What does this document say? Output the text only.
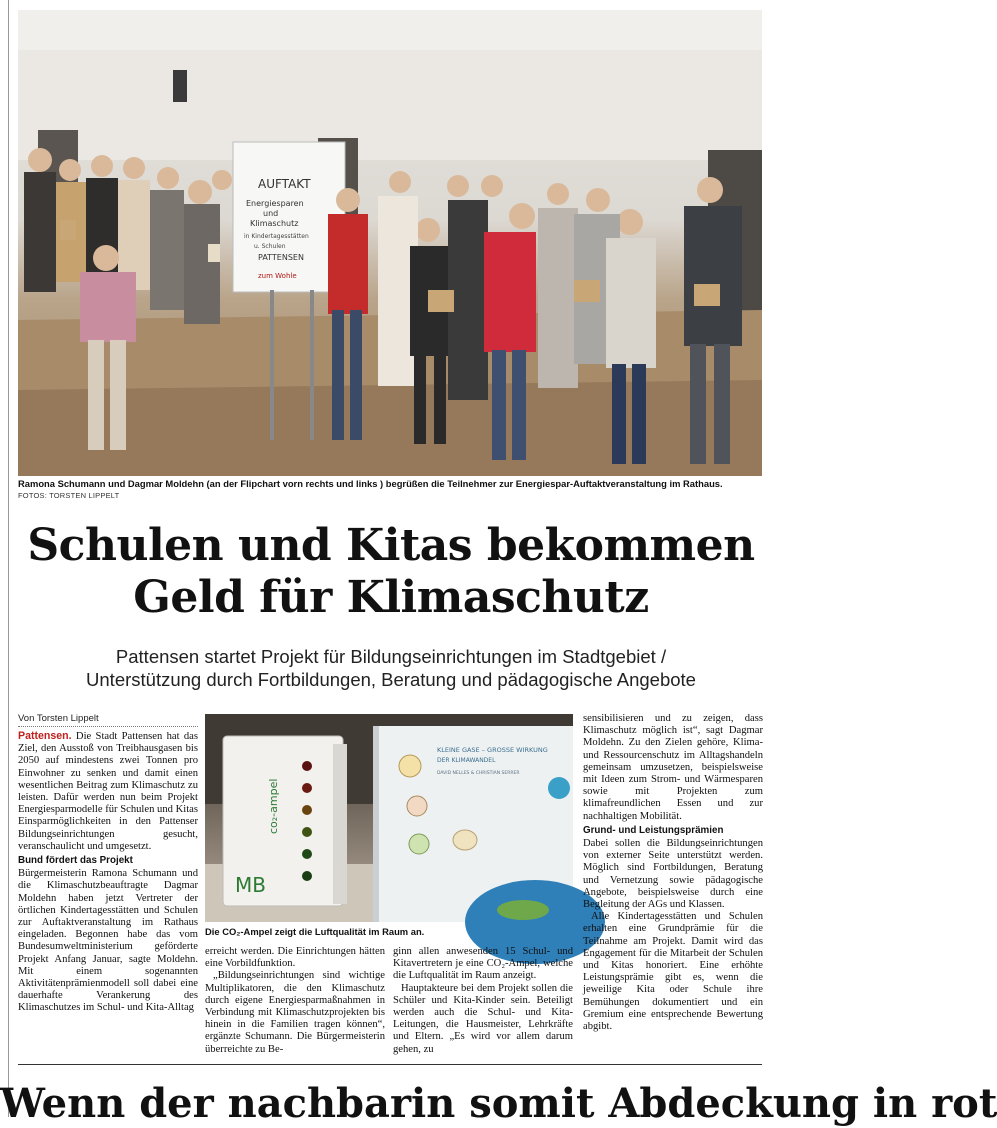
AUFTAKT
Energiesparen
und
Klimaschutz
in Kindertagesstätten
u. Schulen
PATTENSEN
zum Wohle
Ramona Schumann und Dagmar Moldehn (an der Flipchart vorn rechts und links ) begrüßen die Teilnehmer zur Energiespar-Auftaktveranstaltung im Rathaus.
FOTOS: TORSTEN LIPPELT
Schulen und Kitas bekommen
Geld für Klimaschutz
Pattensen startet Projekt für Bildungseinrichtungen im Stadtgebiet /
Unterstützung durch Fortbildungen, Beratung und pädagogische Angebote
Von Torsten Lippelt

Pattensen. Die Stadt Pattensen hat das Ziel, den Ausstoß von Treibhausgasen bis 2050 auf mindestens zwei Tonnen pro Einwohner zu senken und damit einen wesentlichen Beitrag zum Klimaschutz zu leisten. Dafür werden nun beim Projekt Energiesparmodelle für Schulen und Kitas Einsparmöglichkeiten in den Pattenser Bildungseinrichtungen gesucht, veranschaulicht und umgesetzt.

Bund fördert das Projekt

Bürgermeisterin Ramona Schumann und die Klimaschutzbeauftragte Dagmar Moldehn haben jetzt Vertreter der örtlichen Kindertagesstätten und Schulen zur Auftaktveranstaltung im Rathaus eingeladen. Begonnen habe das vom Bundesumweltministerium geförderte Projekt Anfang Januar, sagte Moldehn. Mit einem sogenannten Aktivitätenprämienmodell soll dabei eine dauerhafte Verankerung des Klimaschutzes im Schul- und Kita-Alltag

co₂-ampel
MB
KLEINE GASE – GROSSE WIRKUNG
DER KLIMAWANDEL
DAVID NELLES & CHRISTIAN SERRER
Die CO₂-Ampel zeigt die Luftqualität im Raum an.

erreicht werden. Die Einrichtungen hätten eine Vorbildfunktion.

„Bildungseinrichtungen sind wichtige Multiplikatoren, die den Klimaschutz durch eigene Energiesparmaßnahmen in Verbindung mit Klimaschutzprojekten bis hinein in die Familien tragen können“, ergänzte Schumann. Die Bürgermeisterin überreichte zu Be-

ginn allen anwesenden 15 Schul- und Kitavertretern je eine CO₂-Ampel, welche die Luftqualität im Raum anzeigt.

Hauptakteure bei dem Projekt sollen die Schüler und Kita-Kinder sein. Beteiligt werden auch die Schul- und Kita-Leitungen, die Hausmeister, Lehrkräfte und Eltern. „Es wird vor allem darum gehen, zu

sensibilisieren und zu zeigen, dass Klimaschutz möglich ist“, sagt Dagmar Moldehn. Zu den Zielen gehöre, Klima- und Ressourcenschutz im Alltagshandeln gemeinsam umzusetzen, beispielsweise mit Ideen zum Strom- und Wärmesparen sowie mit Projekten zum klimafreundlichen Essen und zur nachhaltigen Mobilität.

Grund- und Leistungsprämien

Dabei sollen die Bildungseinrichtungen von externer Seite unterstützt werden. Möglich sind Fortbildungen, Beratung und Vernetzung sowie pädagogische Angebote, beispielsweise durch eine Begleitung der AGs und Klassen.

Alle Kindertagesstätten und Schulen erhalten eine Grundprämie für die Teilnahme am Projekt. Damit wird das Engagement für die Mitarbeit der Schulen und Kitas honoriert. Eine erhöhte Leistungsprämie gibt es, wenn die jeweilige Kita oder Schule ihre Bemühungen dokumentiert und ein Gremium eine entsprechende Bewertung abgibt.

Wenn der nachbarin somit Abdeckung in rot
